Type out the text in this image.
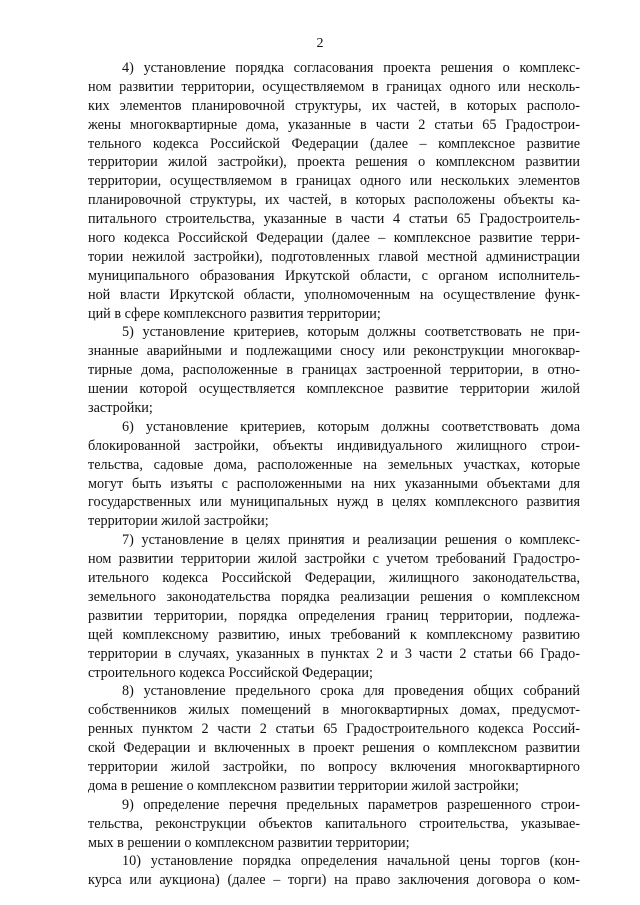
2
4) установление порядка согласования проекта решения о комплекс-
ном развитии территории, осуществляемом в границах одного или несколь-
ких элементов планировочной структуры, их частей, в которых располо-
жены многоквартирные дома, указанные в части 2 статьи 65 Градострои-
тельного кодекса Российской Федерации (далее – комплексное развитие
территории жилой застройки), проекта решения о комплексном развитии
территории, осуществляемом в границах одного или нескольких элементов
планировочной структуры, их частей, в которых расположены объекты ка-
питального строительства, указанные в части 4 статьи 65 Градостроитель-
ного кодекса Российской Федерации (далее – комплексное развитие терри-
тории нежилой застройки), подготовленных главой местной администрации
муниципального образования Иркутской области, с органом исполнитель-
ной власти Иркутской области, уполномоченным на осуществление функ-
ций в сфере комплексного развития территории;
5) установление критериев, которым должны соответствовать не при-
знанные аварийными и подлежащими сносу или реконструкции многоквар-
тирные дома, расположенные в границах застроенной территории, в отно-
шении которой осуществляется комплексное развитие территории жилой
застройки;
6) установление критериев, которым должны соответствовать дома
блокированной застройки, объекты индивидуального жилищного строи-
тельства, садовые дома, расположенные на земельных участках, которые
могут быть изъяты с расположенными на них указанными объектами для
государственных или муниципальных нужд в целях комплексного развития
территории жилой застройки;
7) установление в целях принятия и реализации решения о комплекс-
ном развитии территории жилой застройки с учетом требований Градостро-
ительного кодекса Российской Федерации, жилищного законодательства,
земельного законодательства порядка реализации решения о комплексном
развитии территории, порядка определения границ территории, подлежа-
щей комплексному развитию, иных требований к комплексному развитию
территории в случаях, указанных в пунктах 2 и 3 части 2 статьи 66 Градо-
строительного кодекса Российской Федерации;
8) установление предельного срока для проведения общих собраний
собственников жилых помещений в многоквартирных домах, предусмот-
ренных пунктом 2 части 2 статьи 65 Градостроительного кодекса Россий-
ской Федерации и включенных в проект решения о комплексном развитии
территории жилой застройки, по вопросу включения многоквартирного
дома в решение о комплексном развитии территории жилой застройки;
9) определение перечня предельных параметров разрешенного строи-
тельства, реконструкции объектов капитального строительства, указывае-
мых в решении о комплексном развитии территории;
10) установление порядка определения начальной цены торгов (кон-
курса или аукциона) (далее – торги) на право заключения договора о ком-
